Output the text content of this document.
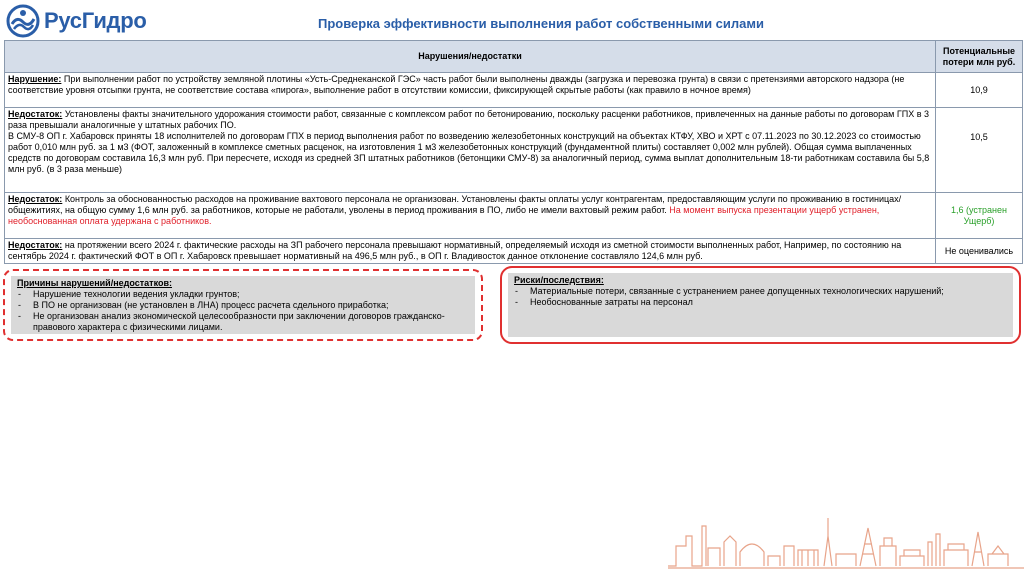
РусГидро	Проверка эффективности выполнения работ собственными силами
Нарушения/недостатки	Потенциальные потери млн руб.
Нарушение: При выполнении работ по устройству земляной плотины «Усть-Среднеканской ГЭС» часть работ были выполнены дважды (загрузка и перевозка грунта) в связи с претензиями авторского надзора (не соответствие уровня отсыпки грунта, не соответствие состава «пирога», выполнение работ в отсутствии комиссии, фиксирующей скрытые работы (как правило в ночное время)	10,9
Недостаток: Установлены факты значительного удорожания стоимости работ, связанные с комплексом работ по бетонированию, поскольку расценки работников, привлеченных на данные работы по договорам ГПХ в 3 раза превышали аналогичные у штатных рабочих ПО.
В СМУ-8 ОП г. Хабаровск приняты 18 исполнителей по договорам ГПХ в период выполнения работ по возведению железобетонных конструкций на объектах КТФУ, ХВО и ХРТ с 07.11.2023 по 30.12.2023 со стоимостью работ 0,010 млн руб. за 1 м3 (ФОТ, заложенный в комплексе сметных расценок, на изготовления 1 м3 железобетонных конструкций (фундаментной плиты) составляет 0,002 млн рублей). Общая сумма выплаченных средств по договорам составила 16,3 млн руб. При пересчете, исходя из средней ЗП штатных работников (бетонщики СМУ-8) за аналогичный период, сумма выплат дополнительным 18-ти работникам составила бы 5,8 млн руб. (в 3 раза меньше)	10,5
Недостаток: Контроль за обоснованностью расходов на проживание вахтового персонала не организован. Установлены факты оплаты услуг контрагентам, предоставляющим услуги по проживанию в гостиницах/общежитиях, на общую сумму 1,6 млн руб. за работников, которые не работали, уволены в период проживания в ПО, либо не имели вахтовый режим работ. На момент выпуска презентации ущерб устранен, необоснованная оплата удержана с работников.	1,6 (устранен Ущерб)
Недостаток: на протяжении всего 2024 г. фактические расходы на ЗП рабочего персонала превышают нормативный, определяемый исходя из сметной стоимости выполненных работ, Например, по состоянию на сентябрь 2024 г. фактический ФОТ в ОП г. Хабаровск превышает нормативный на 496,5 млн руб., в ОП г. Владивосток данное отклонение составляло 124,6 млн руб.	Не оценивались
Причины нарушений/недостатков:
- Нарушение технологии ведения укладки грунтов;
- В ПО не организован (не установлен в ЛНА) процесс расчета сдельного приработка;
- Не организован анализ экономической целесообразности при заключении договоров гражданско-правового характера с физическими лицами.
Риски/последствия:
- Материальные потери, связанные с устранением ранее допущенных технологических нарушений;
- Необоснованные затраты на персонал
